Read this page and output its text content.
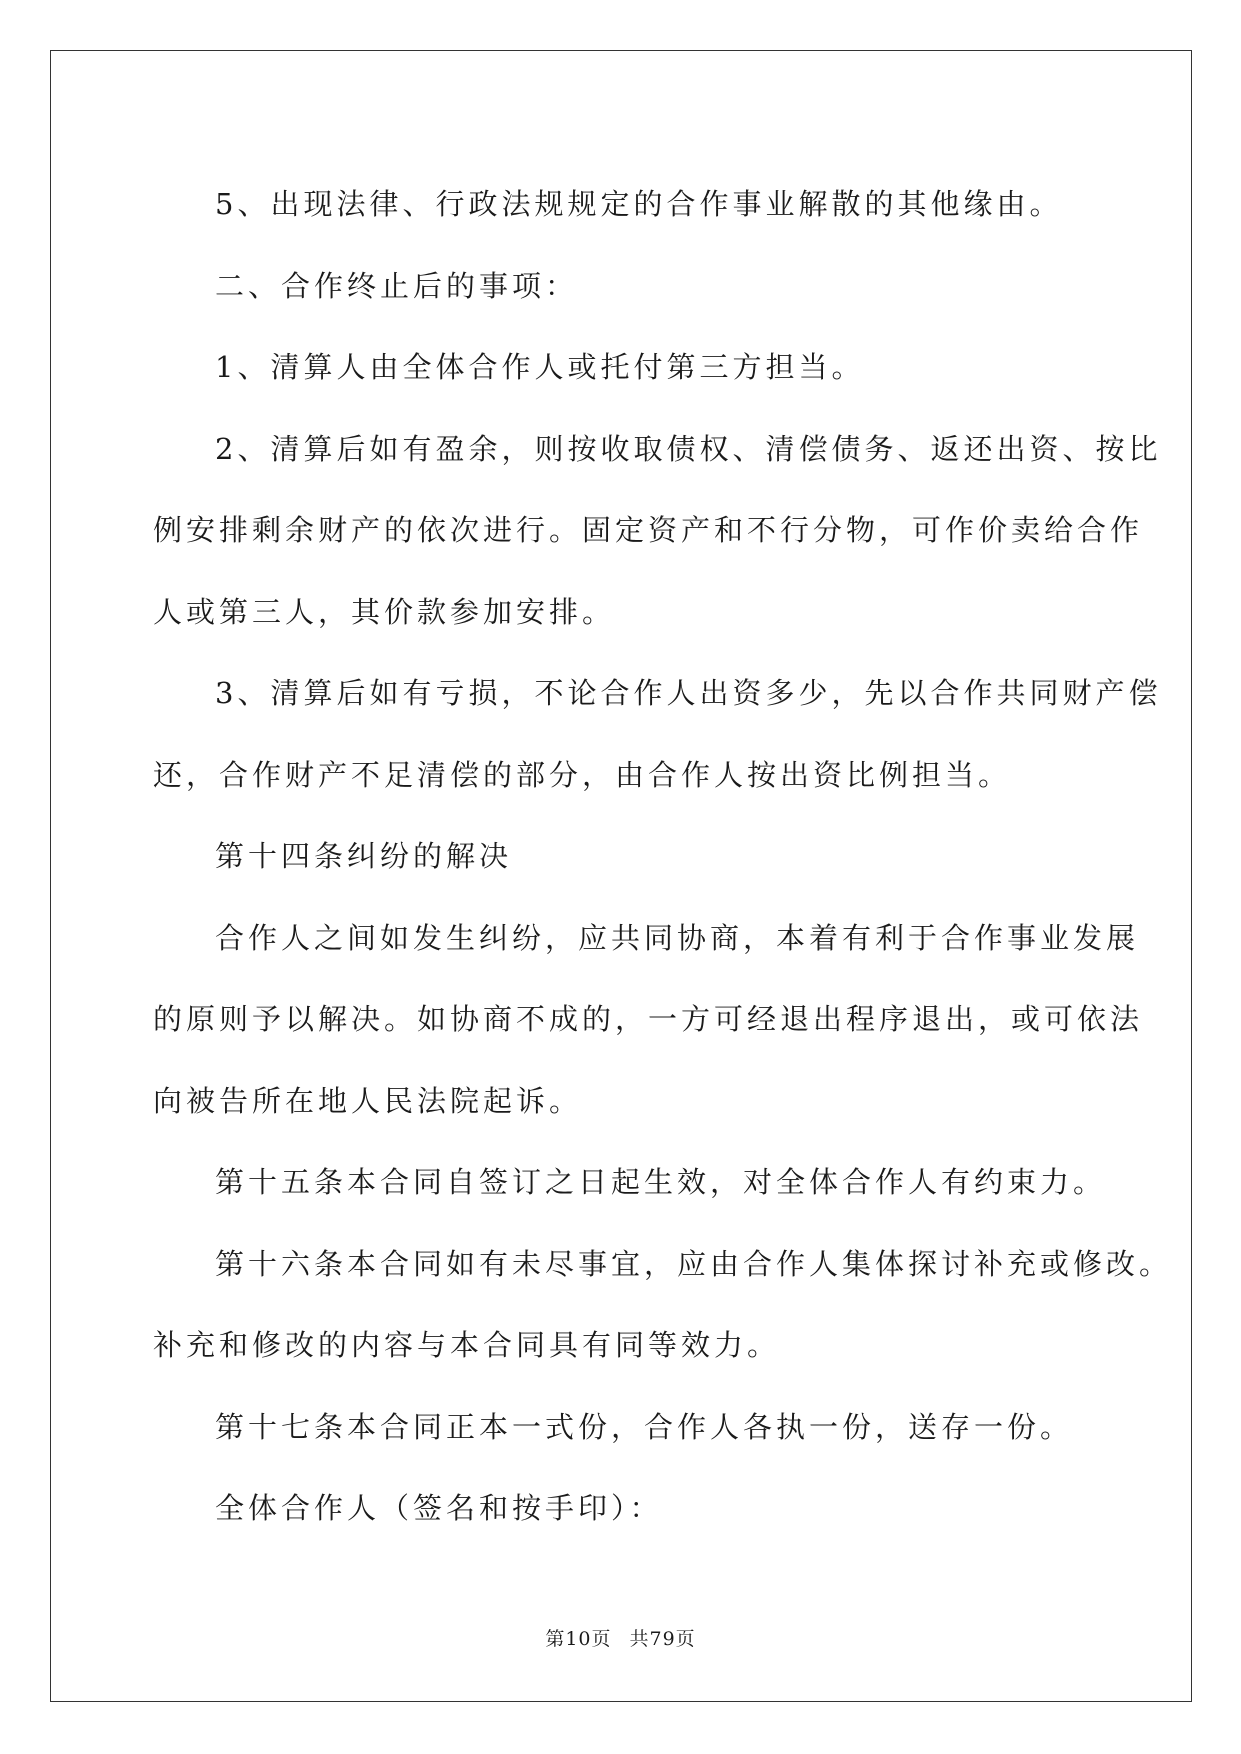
5、出现法律、行政法规规定的合作事业解散的其他缘由。

二、合作终止后的事项：

1、清算人由全体合作人或托付第三方担当。

2、清算后如有盈余，则按收取债权、清偿债务、返还出资、按比
例安排剩余财产的依次进行。固定资产和不行分物，可作价卖给合作
人或第三人，其价款参加安排。

3、清算后如有亏损，不论合作人出资多少，先以合作共同财产偿
还，合作财产不足清偿的部分，由合作人按出资比例担当。

第十四条纠纷的解决

合作人之间如发生纠纷，应共同协商，本着有利于合作事业发展
的原则予以解决。如协商不成的，一方可经退出程序退出，或可依法
向被告所在地人民法院起诉。

第十五条本合同自签订之日起生效，对全体合作人有约束力。

第十六条本合同如有未尽事宜，应由合作人集体探讨补充或修改。
补充和修改的内容与本合同具有同等效力。

第十七条本合同正本一式份，合作人各执一份，送存一份。

全体合作人（签名和按手印）：

第10页 共79页
